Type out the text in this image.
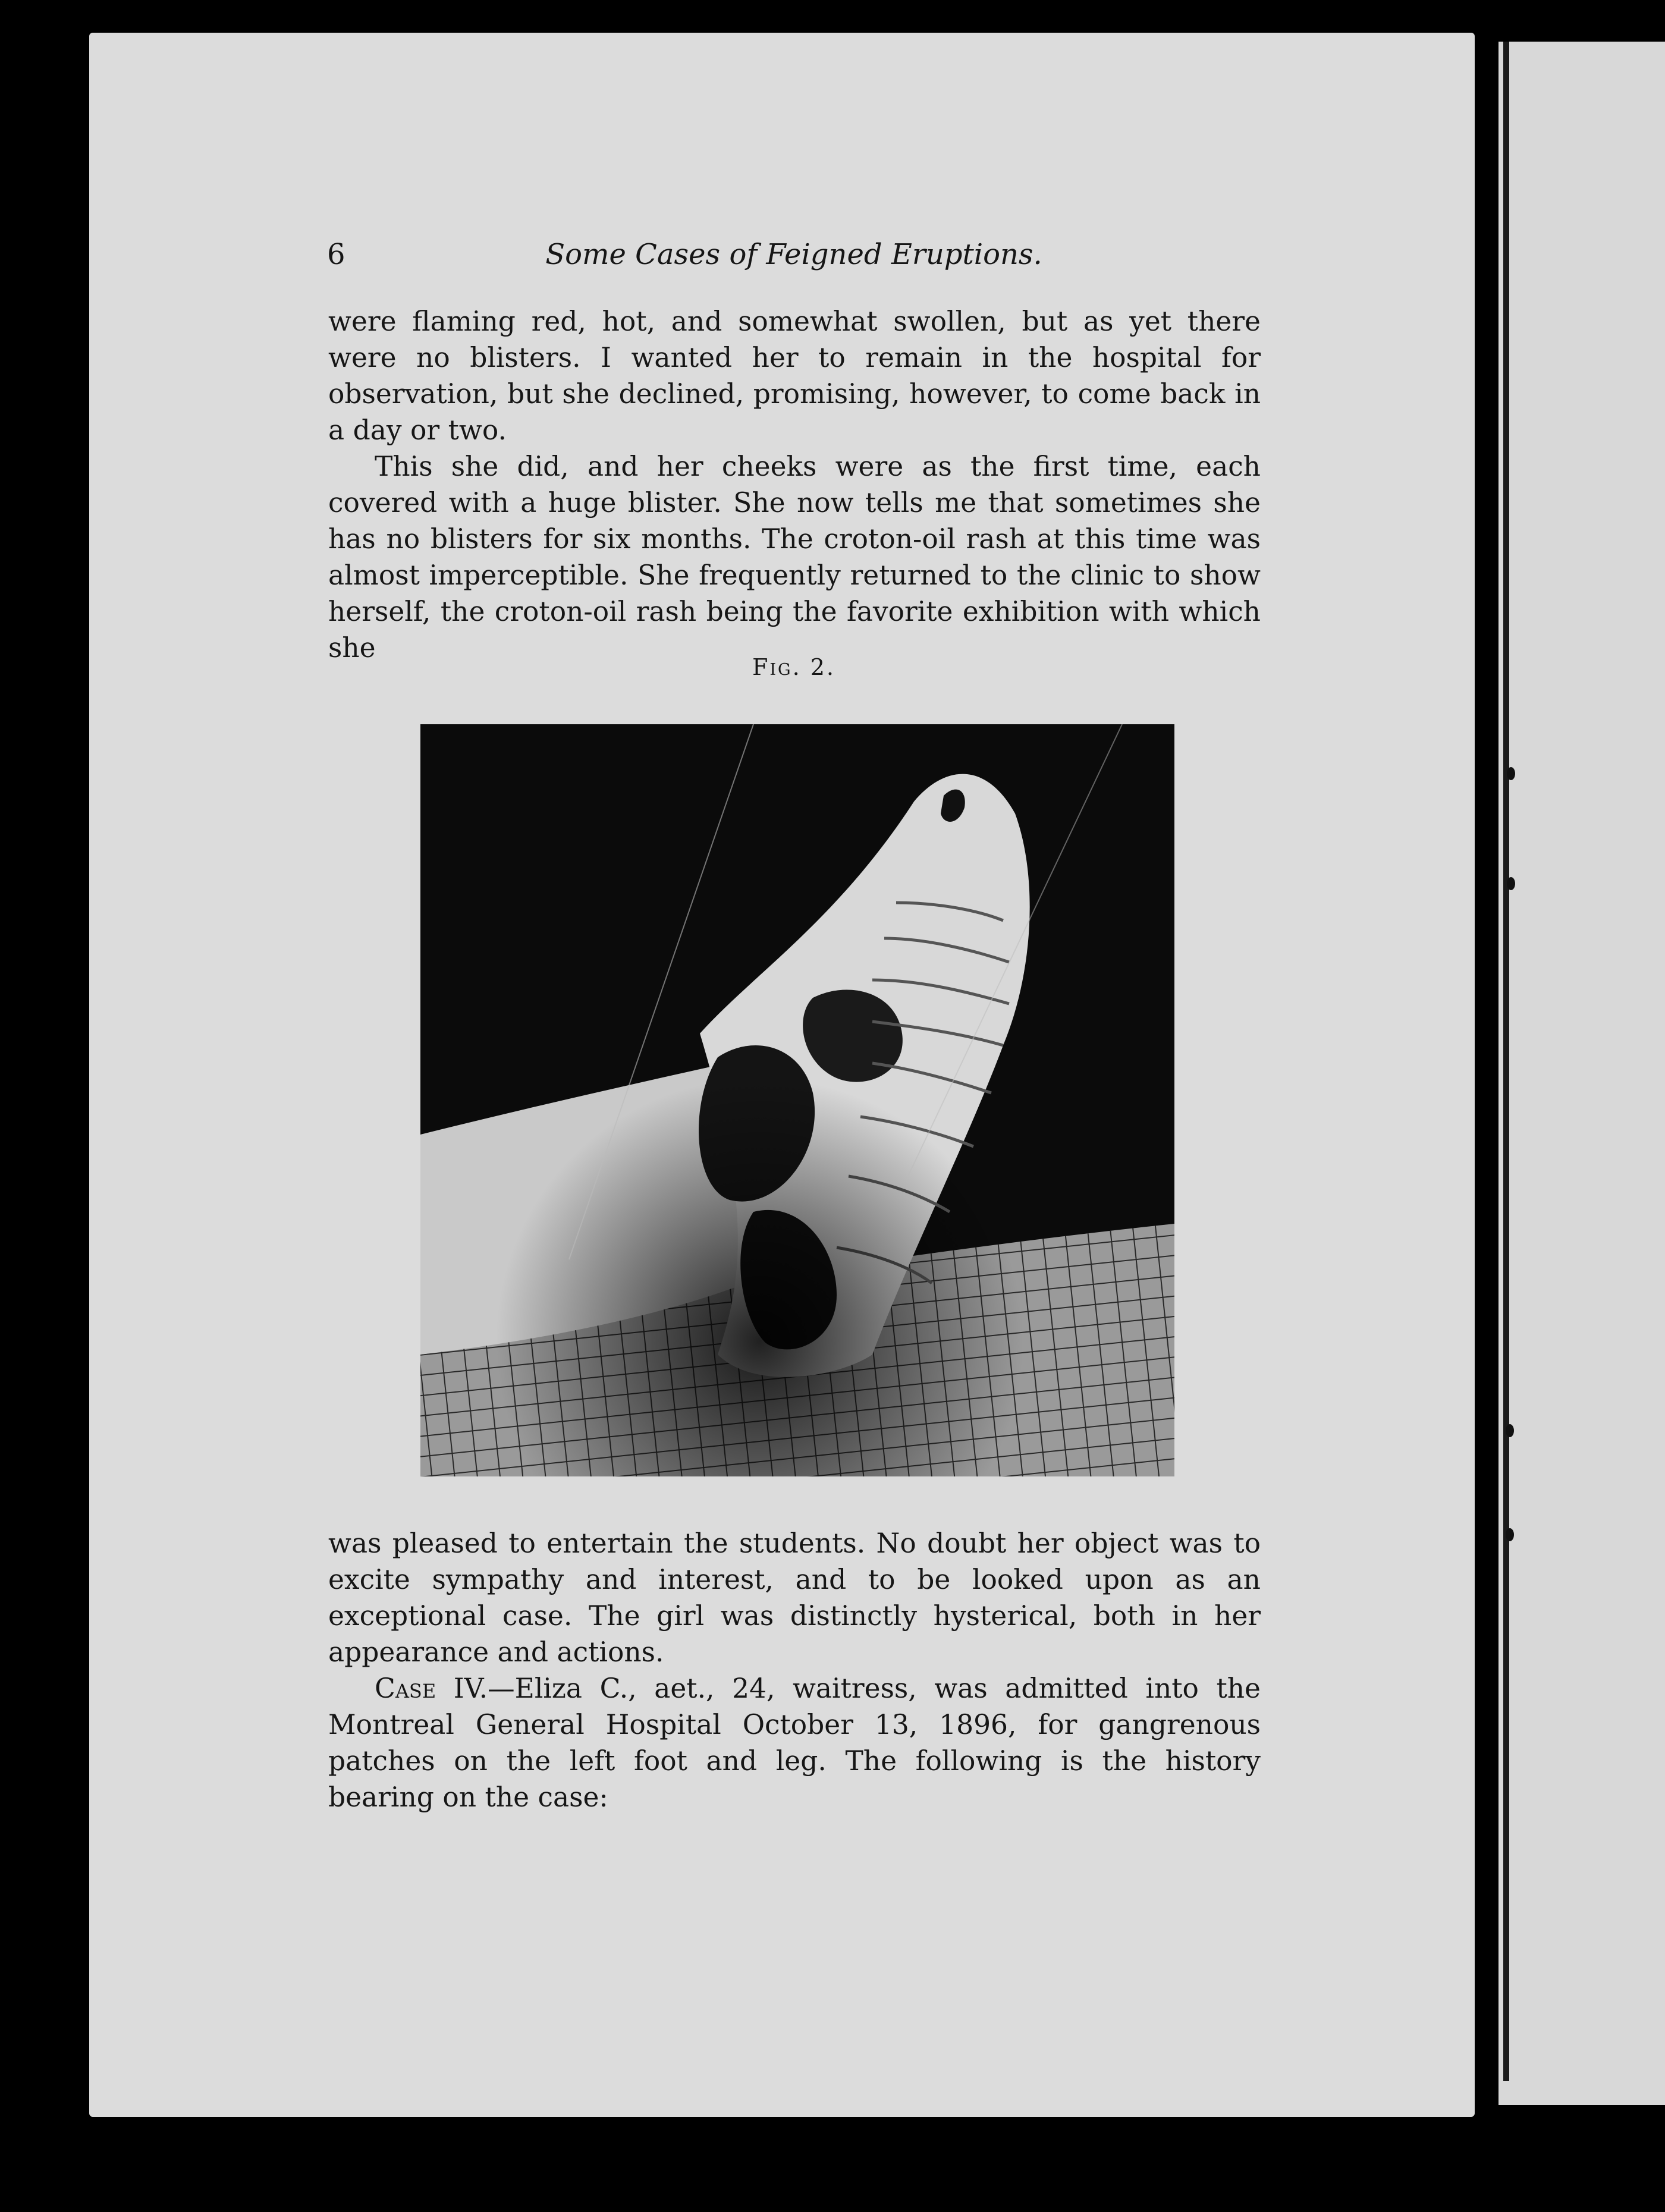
6	Some Cases of Feigned Eruptions.

were flaming red, hot, and somewhat swollen, but as yet there were no blisters. I wanted her to remain in the hospital for observation, but she declined, promising, however, to come back in a day or two.

This she did, and her cheeks were as the first time, each covered with a huge blister. She now tells me that sometimes she has no blisters for six months. The croton-oil rash at this time was almost imperceptible. She frequently returned to the clinic to show herself, the croton-oil rash being the favorite exhibition with which she

Fig. 2.

was pleased to entertain the students. No doubt her object was to excite sympathy and interest, and to be looked upon as an exceptional case. The girl was distinctly hysterical, both in her appearance and actions.

Case IV.—Eliza C., aet., 24, waitress, was admitted into the Montreal General Hospital October 13, 1896, for gangrenous patches on the left foot and leg. The following is the history bearing on the case:
